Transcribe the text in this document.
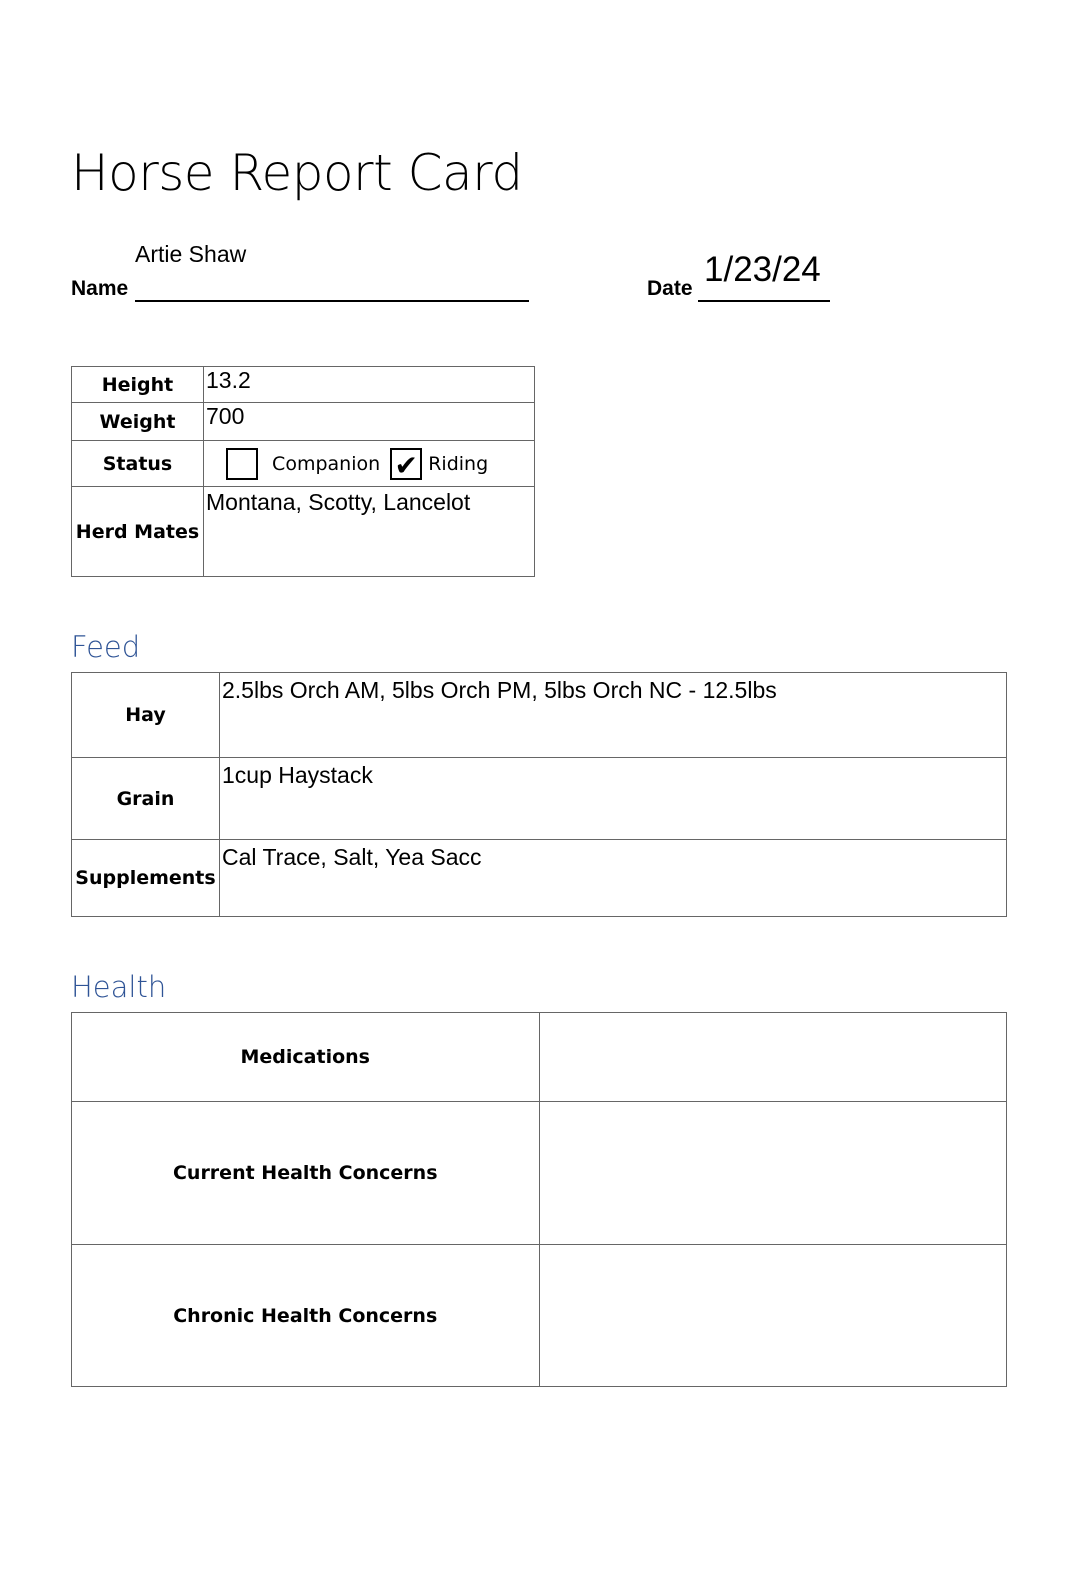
Horse Report Card
Artie Shaw
Name	Date 1/23/24
Height	13.2
Weight	700
Status	Companion ✔ Riding
Herd Mates	Montana, Scotty, Lancelot
Feed
Hay	2.5lbs Orch AM, 5lbs Orch PM, 5lbs Orch NC - 12.5lbs
Grain	1cup Haystack
Supplements	Cal Trace, Salt, Yea Sacc
Health
Medications	
Current Health Concerns	
Chronic Health Concerns	
